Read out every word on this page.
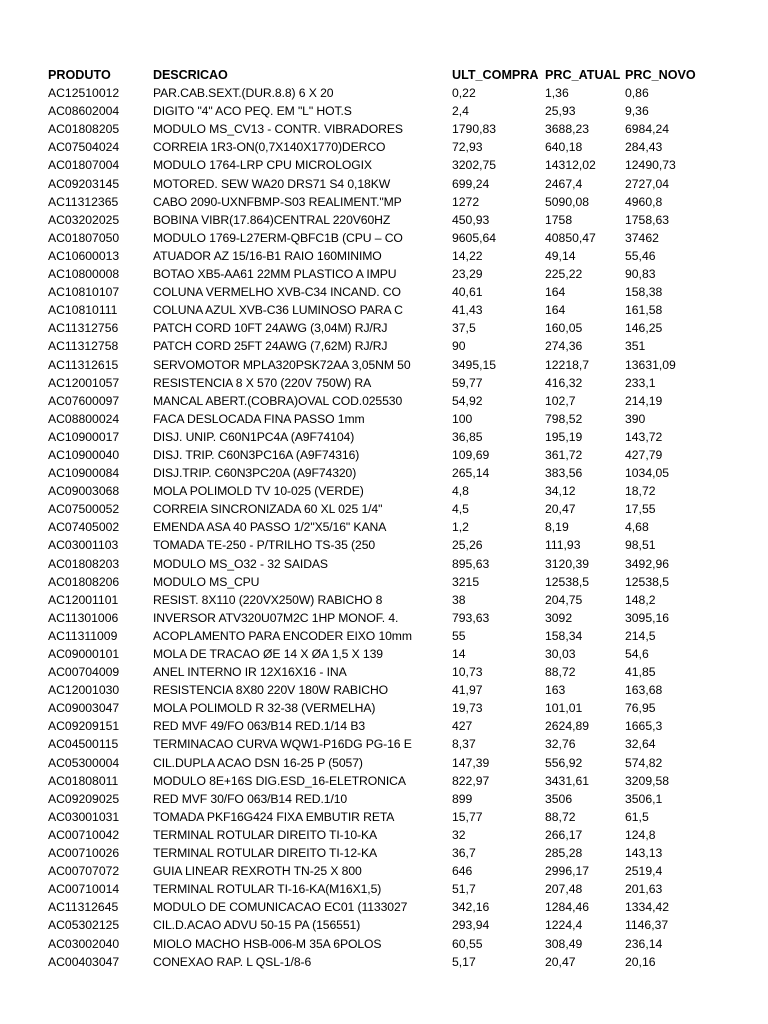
PRODUTO	DESCRICAO	ULT_COMPRA PRC_ATUAL PRC_NOVO
AC12510012	PAR.CAB.SEXT.(DUR.8.8) 6 X 20	0,22	1,36	0,86
AC08602004	DIGITO "4" ACO PEQ. EM "L" HOT.S	2,4	25,93	9,36
AC01808205	MODULO MS_CV13 - CONTR. VIBRADORES	1790,83	3688,23	6984,24
AC07504024	CORREIA 1R3-ON(0,7X140X1770)DERCO	72,93	640,18	284,43
AC01807004	MODULO 1764-LRP CPU MICROLOGIX	3202,75	14312,02	12490,73
AC09203145	MOTORED. SEW WA20 DRS71 S4 0,18KW	699,24	2467,4	2727,04
AC11312365	CABO 2090-UXNFBMP-S03 REALIMENT."MP	1272	5090,08	4960,8
AC03202025	BOBINA VIBR(17.864)CENTRAL 220V60HZ	450,93	1758	1758,63
AC01807050	MODULO 1769-L27ERM-QBFC1B (CPU – CO	9605,64	40850,47	37462
AC10600013	ATUADOR AZ 15/16-B1 RAIO 160MINIMO	14,22	49,14	55,46
AC10800008	BOTAO XB5-AA61 22MM PLASTICO A IMPU	23,29	225,22	90,83
AC10810107	COLUNA VERMELHO XVB-C34 INCAND. CO	40,61	164	158,38
AC10810111	COLUNA AZUL XVB-C36 LUMINOSO PARA C	41,43	164	161,58
AC11312756	PATCH CORD 10FT 24AWG (3,04M) RJ/RJ	37,5	160,05	146,25
AC11312758	PATCH CORD 25FT 24AWG (7,62M) RJ/RJ	90	274,36	351
AC11312615	SERVOMOTOR MPLA320PSK72AA 3,05NM 50	3495,15	12218,7	13631,09
AC12001057	RESISTENCIA 8 X 570 (220V 750W) RA	59,77	416,32	233,1
AC07600097	MANCAL ABERT.(COBRA)OVAL COD.025530	54,92	102,7	214,19
AC08800024	FACA DESLOCADA FINA PASSO 1mm	100	798,52	390
AC10900017	DISJ. UNIP. C60N1PC4A (A9F74104)	36,85	195,19	143,72
AC10900040	DISJ. TRIP. C60N3PC16A (A9F74316)	109,69	361,72	427,79
AC10900084	DISJ.TRIP. C60N3PC20A (A9F74320)	265,14	383,56	1034,05
AC09003068	MOLA POLIMOLD TV 10-025 (VERDE)	4,8	34,12	18,72
AC07500052	CORREIA SINCRONIZADA 60 XL 025 1/4"	4,5	20,47	17,55
AC07405002	EMENDA ASA 40 PASSO 1/2"X5/16" KANA	1,2	8,19	4,68
AC03001103	TOMADA TE-250 - P/TRILHO TS-35 (250	25,26	111,93	98,51
AC01808203	MODULO MS_O32 - 32 SAIDAS	895,63	3120,39	3492,96
AC01808206	MODULO MS_CPU	3215	12538,5	12538,5
AC12001101	RESIST. 8X110 (220VX250W) RABICHO 8	38	204,75	148,2
AC11301006	INVERSOR ATV320U07M2C 1HP MONOF. 4.	793,63	3092	3095,16
AC11311009	ACOPLAMENTO PARA ENCODER EIXO 10mm	55	158,34	214,5
AC09000101	MOLA DE TRACAO ØE 14 X ØA 1,5 X 139	14	30,03	54,6
AC00704009	ANEL INTERNO IR 12X16X16 - INA	10,73	88,72	41,85
AC12001030	RESISTENCIA 8X80 220V 180W RABICHO	41,97	163	163,68
AC09003047	MOLA POLIMOLD R 32-38 (VERMELHA)	19,73	101,01	76,95
AC09209151	RED MVF 49/FO 063/B14 RED.1/14 B3	427	2624,89	1665,3
AC04500115	TERMINACAO CURVA WQW1-P16DG PG-16 E	8,37	32,76	32,64
AC05300004	CIL.DUPLA ACAO DSN 16-25 P (5057)	147,39	556,92	574,82
AC01808011	MODULO 8E+16S DIG.ESD_16-ELETRONICA	822,97	3431,61	3209,58
AC09209025	RED MVF 30/FO 063/B14 RED.1/10	899	3506	3506,1
AC03001031	TOMADA PKF16G424 FIXA EMBUTIR RETA	15,77	88,72	61,5
AC00710042	TERMINAL ROTULAR DIREITO TI-10-KA	32	266,17	124,8
AC00710026	TERMINAL ROTULAR DIREITO TI-12-KA	36,7	285,28	143,13
AC00707072	GUIA LINEAR REXROTH TN-25 X 800	646	2996,17	2519,4
AC00710014	TERMINAL ROTULAR TI-16-KA(M16X1,5)	51,7	207,48	201,63
AC11312645	MODULO DE COMUNICACAO EC01 (1133027	342,16	1284,46	1334,42
AC05302125	CIL.D.ACAO ADVU 50-15 PA (156551)	293,94	1224,4	1146,37
AC03002040	MIOLO MACHO HSB-006-M 35A 6POLOS	60,55	308,49	236,14
AC00403047	CONEXAO RAP. L QSL-1/8-6	5,17	20,47	20,16
